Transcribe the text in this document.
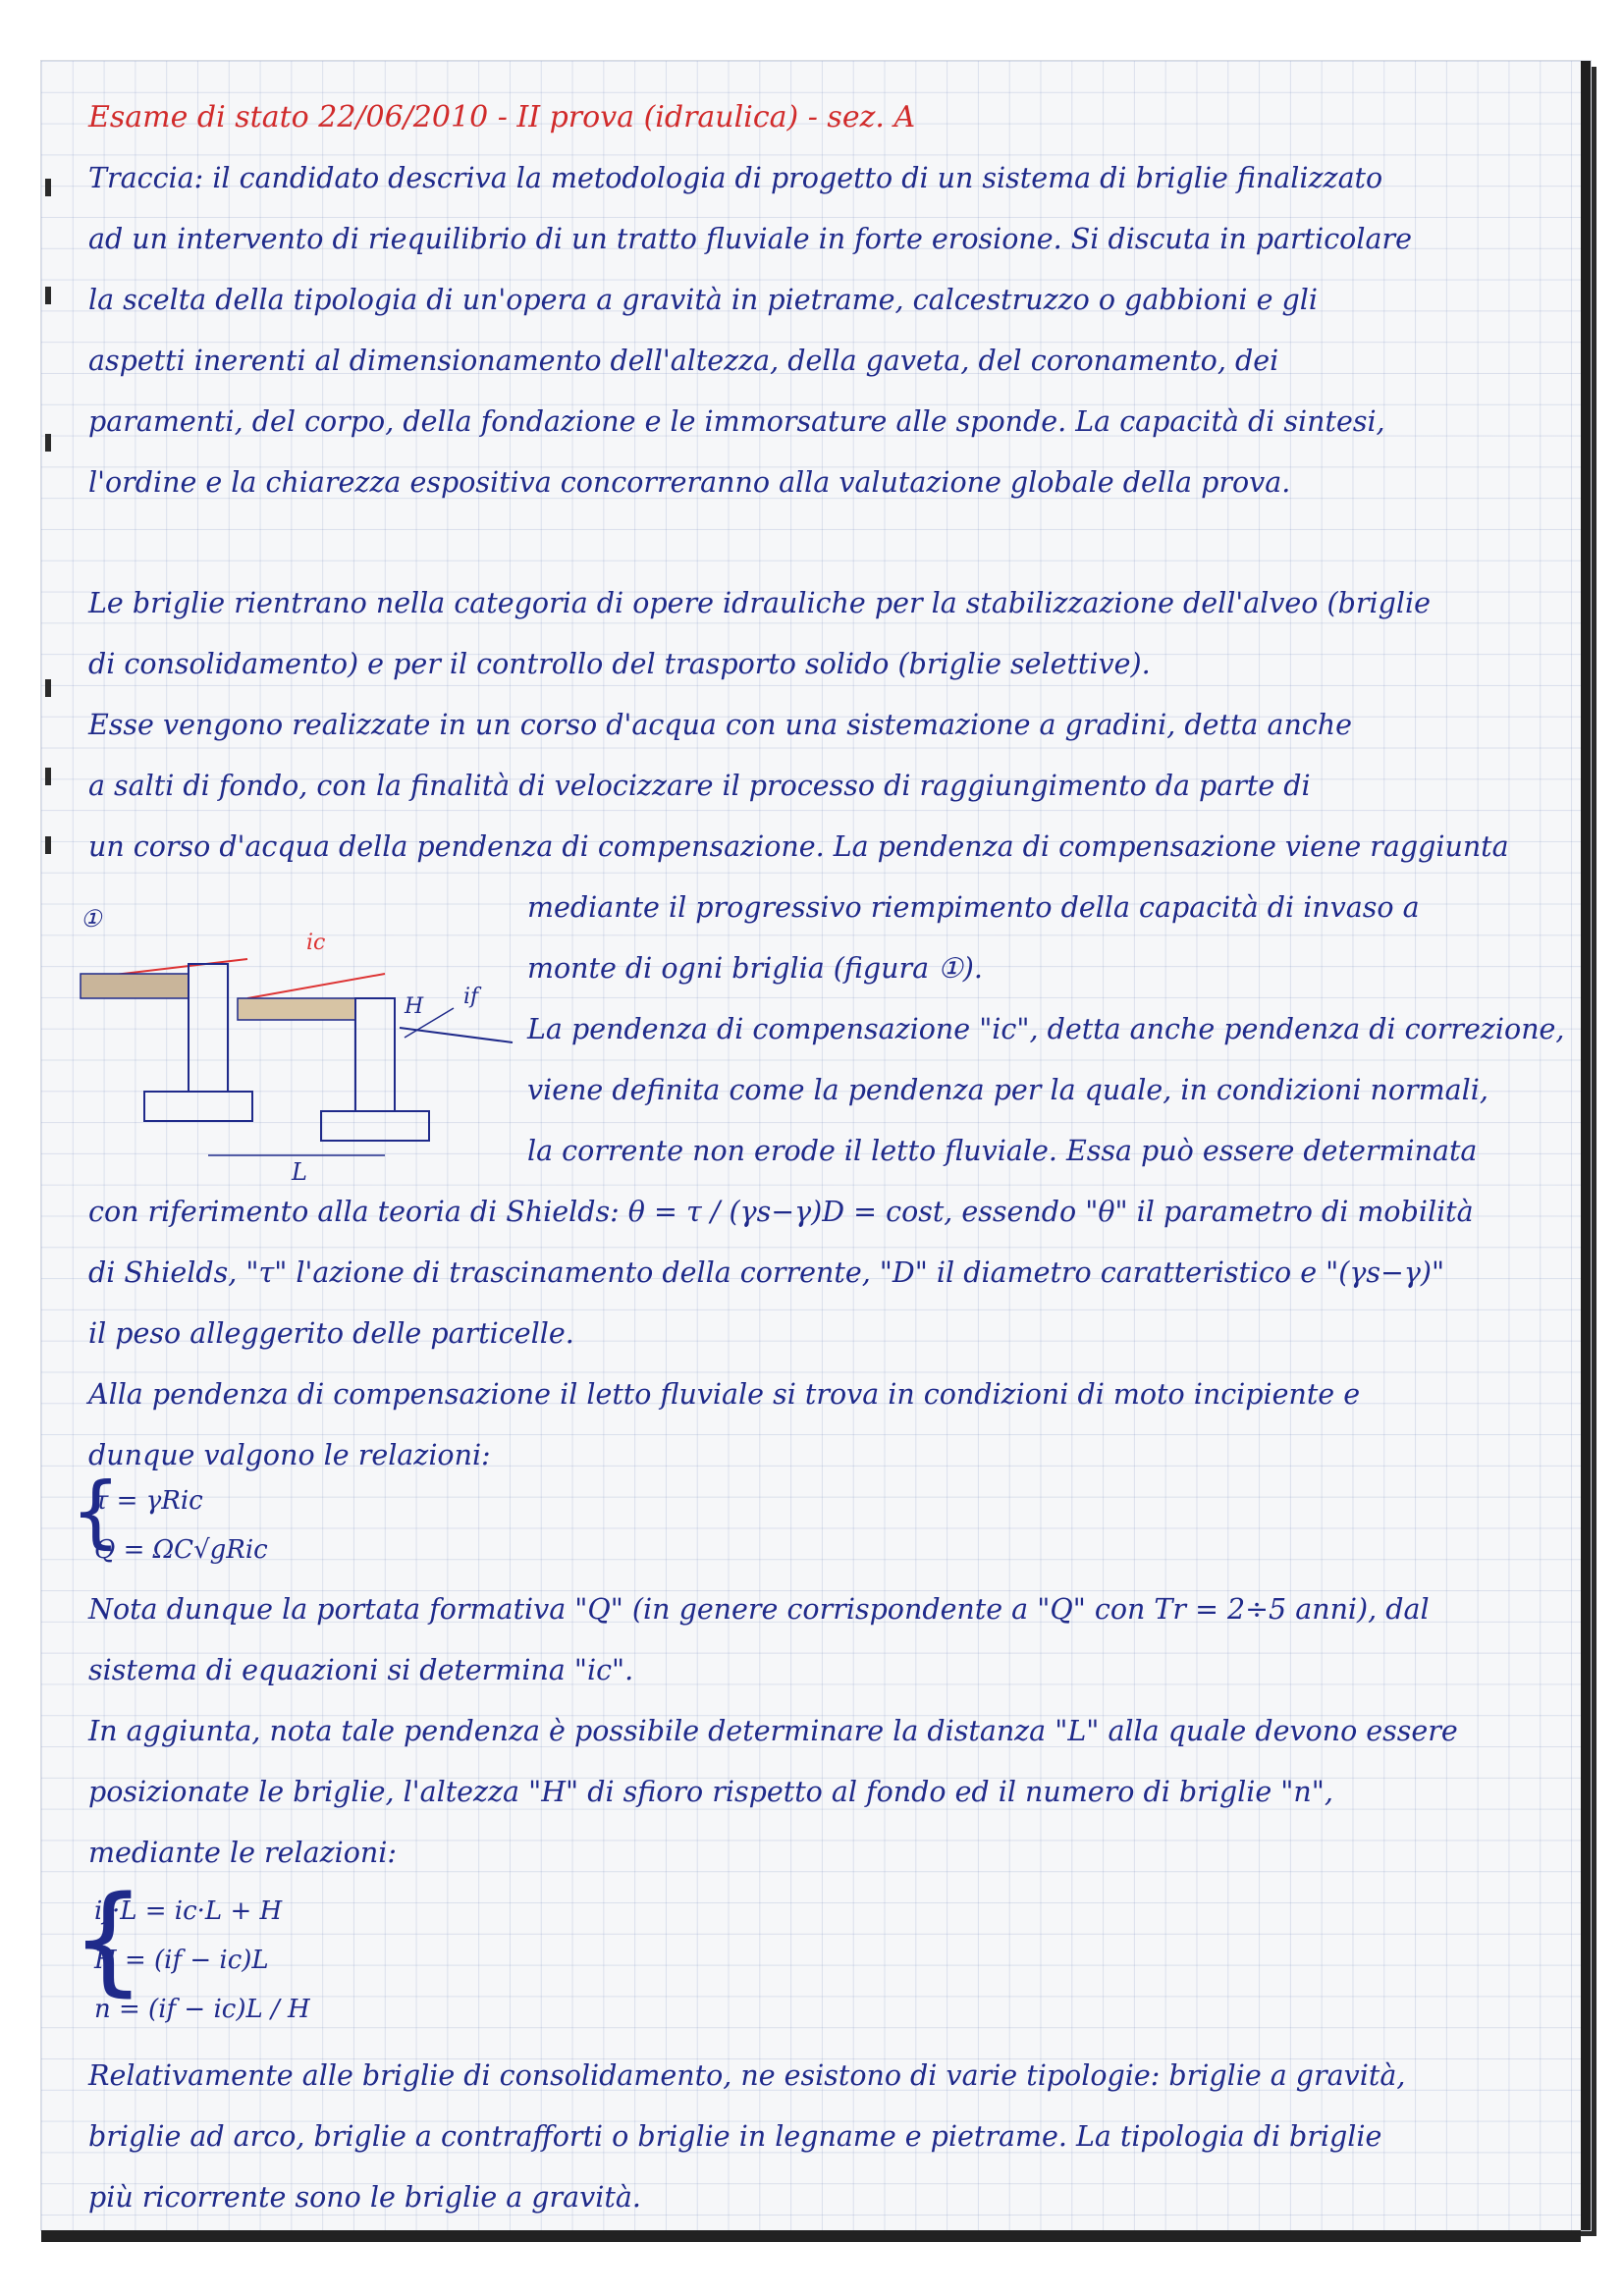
Esame di stato 22/06/2010 - II prova (idraulica) - sez. A
Traccia: il candidato descriva la metodologia di progetto di un sistema di briglie finalizzato
ad un intervento di riequilibrio di un tratto fluviale in forte erosione. Si discuta in particolare
la scelta della tipologia di un'opera a gravità in pietrame, calcestruzzo o gabbioni e gli
aspetti inerenti al dimensionamento dell'altezza, della gaveta, del coronamento, dei
paramenti, del corpo, della fondazione e le immorsature alle sponde. La capacità di sintesi,
l'ordine e la chiarezza espositiva concorreranno alla valutazione globale della prova.
Le briglie rientrano nella categoria di opere idrauliche per la stabilizzazione dell'alveo (briglie
di consolidamento) e per il controllo del trasporto solido (briglie selettive).
Esse vengono realizzate in un corso d'acqua con una sistemazione a gradini, detta anche
a salti di fondo, con la finalità di velocizzare il processo di raggiungimento da parte di
un corso d'acqua della pendenza di compensazione. La pendenza di compensazione viene raggiunta
①
ic
H if
L
mediante il progressivo riempimento della capacità di invaso a
monte di ogni briglia (figura ①).
La pendenza di compensazione "ic", detta anche pendenza di correzione,
viene definita come la pendenza per la quale, in condizioni normali,
la corrente non erode il letto fluviale. Essa può essere determinata
con riferimento alla teoria di Shields: θ = τ / (γs−γ)D = cost, essendo "θ" il parametro di mobilità
di Shields, "τ" l'azione di trascinamento della corrente, "D" il diametro caratteristico e "(γs−γ)"
il peso alleggerito delle particelle.
Alla pendenza di compensazione il letto fluviale si trova in condizioni di moto incipiente e
dunque valgono le relazioni:
{
τ = γRic
Q = ΩC√gRic
Nota dunque la portata formativa "Q" (in genere corrispondente a "Q" con Tr = 2÷5 anni), dal
sistema di equazioni si determina "ic".
In aggiunta, nota tale pendenza è possibile determinare la distanza "L" alla quale devono essere
posizionate le briglie, l'altezza "H" di sfioro rispetto al fondo ed il numero di briglie "n",
mediante le relazioni:
{
if·L = ic·L + H
H = (if − ic)L
n = (if − ic)L / H
Relativamente alle briglie di consolidamento, ne esistono di varie tipologie: briglie a gravità,
briglie ad arco, briglie a contrafforti o briglie in legname e pietrame. La tipologia di briglie
più ricorrente sono le briglie a gravità.
